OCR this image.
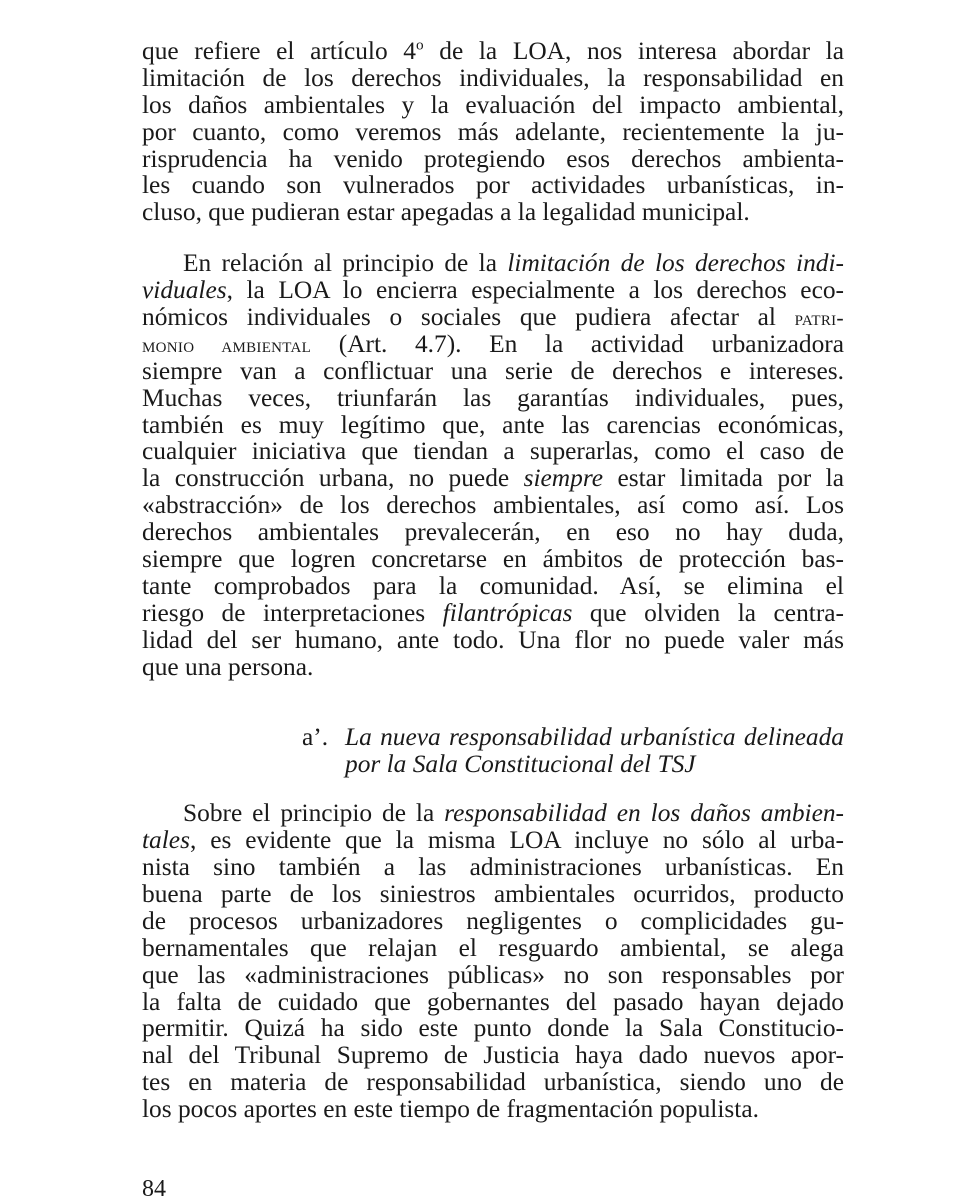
que refiere el artículo 4$^o$ de la LOA, nos interesa abordar la
limitación de los derechos individuales, la responsabilidad en
los daños ambientales y la evaluación del impacto ambiental,
por cuanto, como veremos más adelante, recientemente la ju-
risprudencia ha venido protegiendo esos derechos ambienta-
les cuando son vulnerados por actividades urbanísticas, in-
cluso, que pudieran estar apegadas a la legalidad municipal.

En relación al principio de la limitación de los derechos indi-
viduales, la LOA lo encierra especialmente a los derechos eco-
nómicos individuales o sociales que pudiera afectar al patri-
monio ambiental (Art. 4.7). En la actividad urbanizadora
siempre van a conflictuar una serie de derechos e intereses.
Muchas veces, triunfarán las garantías individuales, pues,
también es muy legítimo que, ante las carencias económicas,
cualquier iniciativa que tiendan a superarlas, como el caso de
la construcción urbana, no puede siempre estar limitada por la
«abstracción» de los derechos ambientales, así como así. Los
derechos ambientales prevalecerán, en eso no hay duda,
siempre que logren concretarse en ámbitos de protección bas-
tante comprobados para la comunidad. Así, se elimina el
riesgo de interpretaciones filantrópicas que olviden la centra-
lidad del ser humano, ante todo. Una flor no puede valer más
que una persona.

a’. La nueva responsabilidad urbanística delineada
por la Sala Constitucional del TSJ

Sobre el principio de la responsabilidad en los daños ambien-
tales, es evidente que la misma LOA incluye no sólo al urba-
nista sino también a las administraciones urbanísticas. En
buena parte de los siniestros ambientales ocurridos, producto
de procesos urbanizadores negligentes o complicidades gu-
bernamentales que relajan el resguardo ambiental, se alega
que las «administraciones públicas» no son responsables por
la falta de cuidado que gobernantes del pasado hayan dejado
permitir. Quizá ha sido este punto donde la Sala Constitucio-
nal del Tribunal Supremo de Justicia haya dado nuevos apor-
tes en materia de responsabilidad urbanística, siendo uno de
los pocos aportes en este tiempo de fragmentación populista.

84
